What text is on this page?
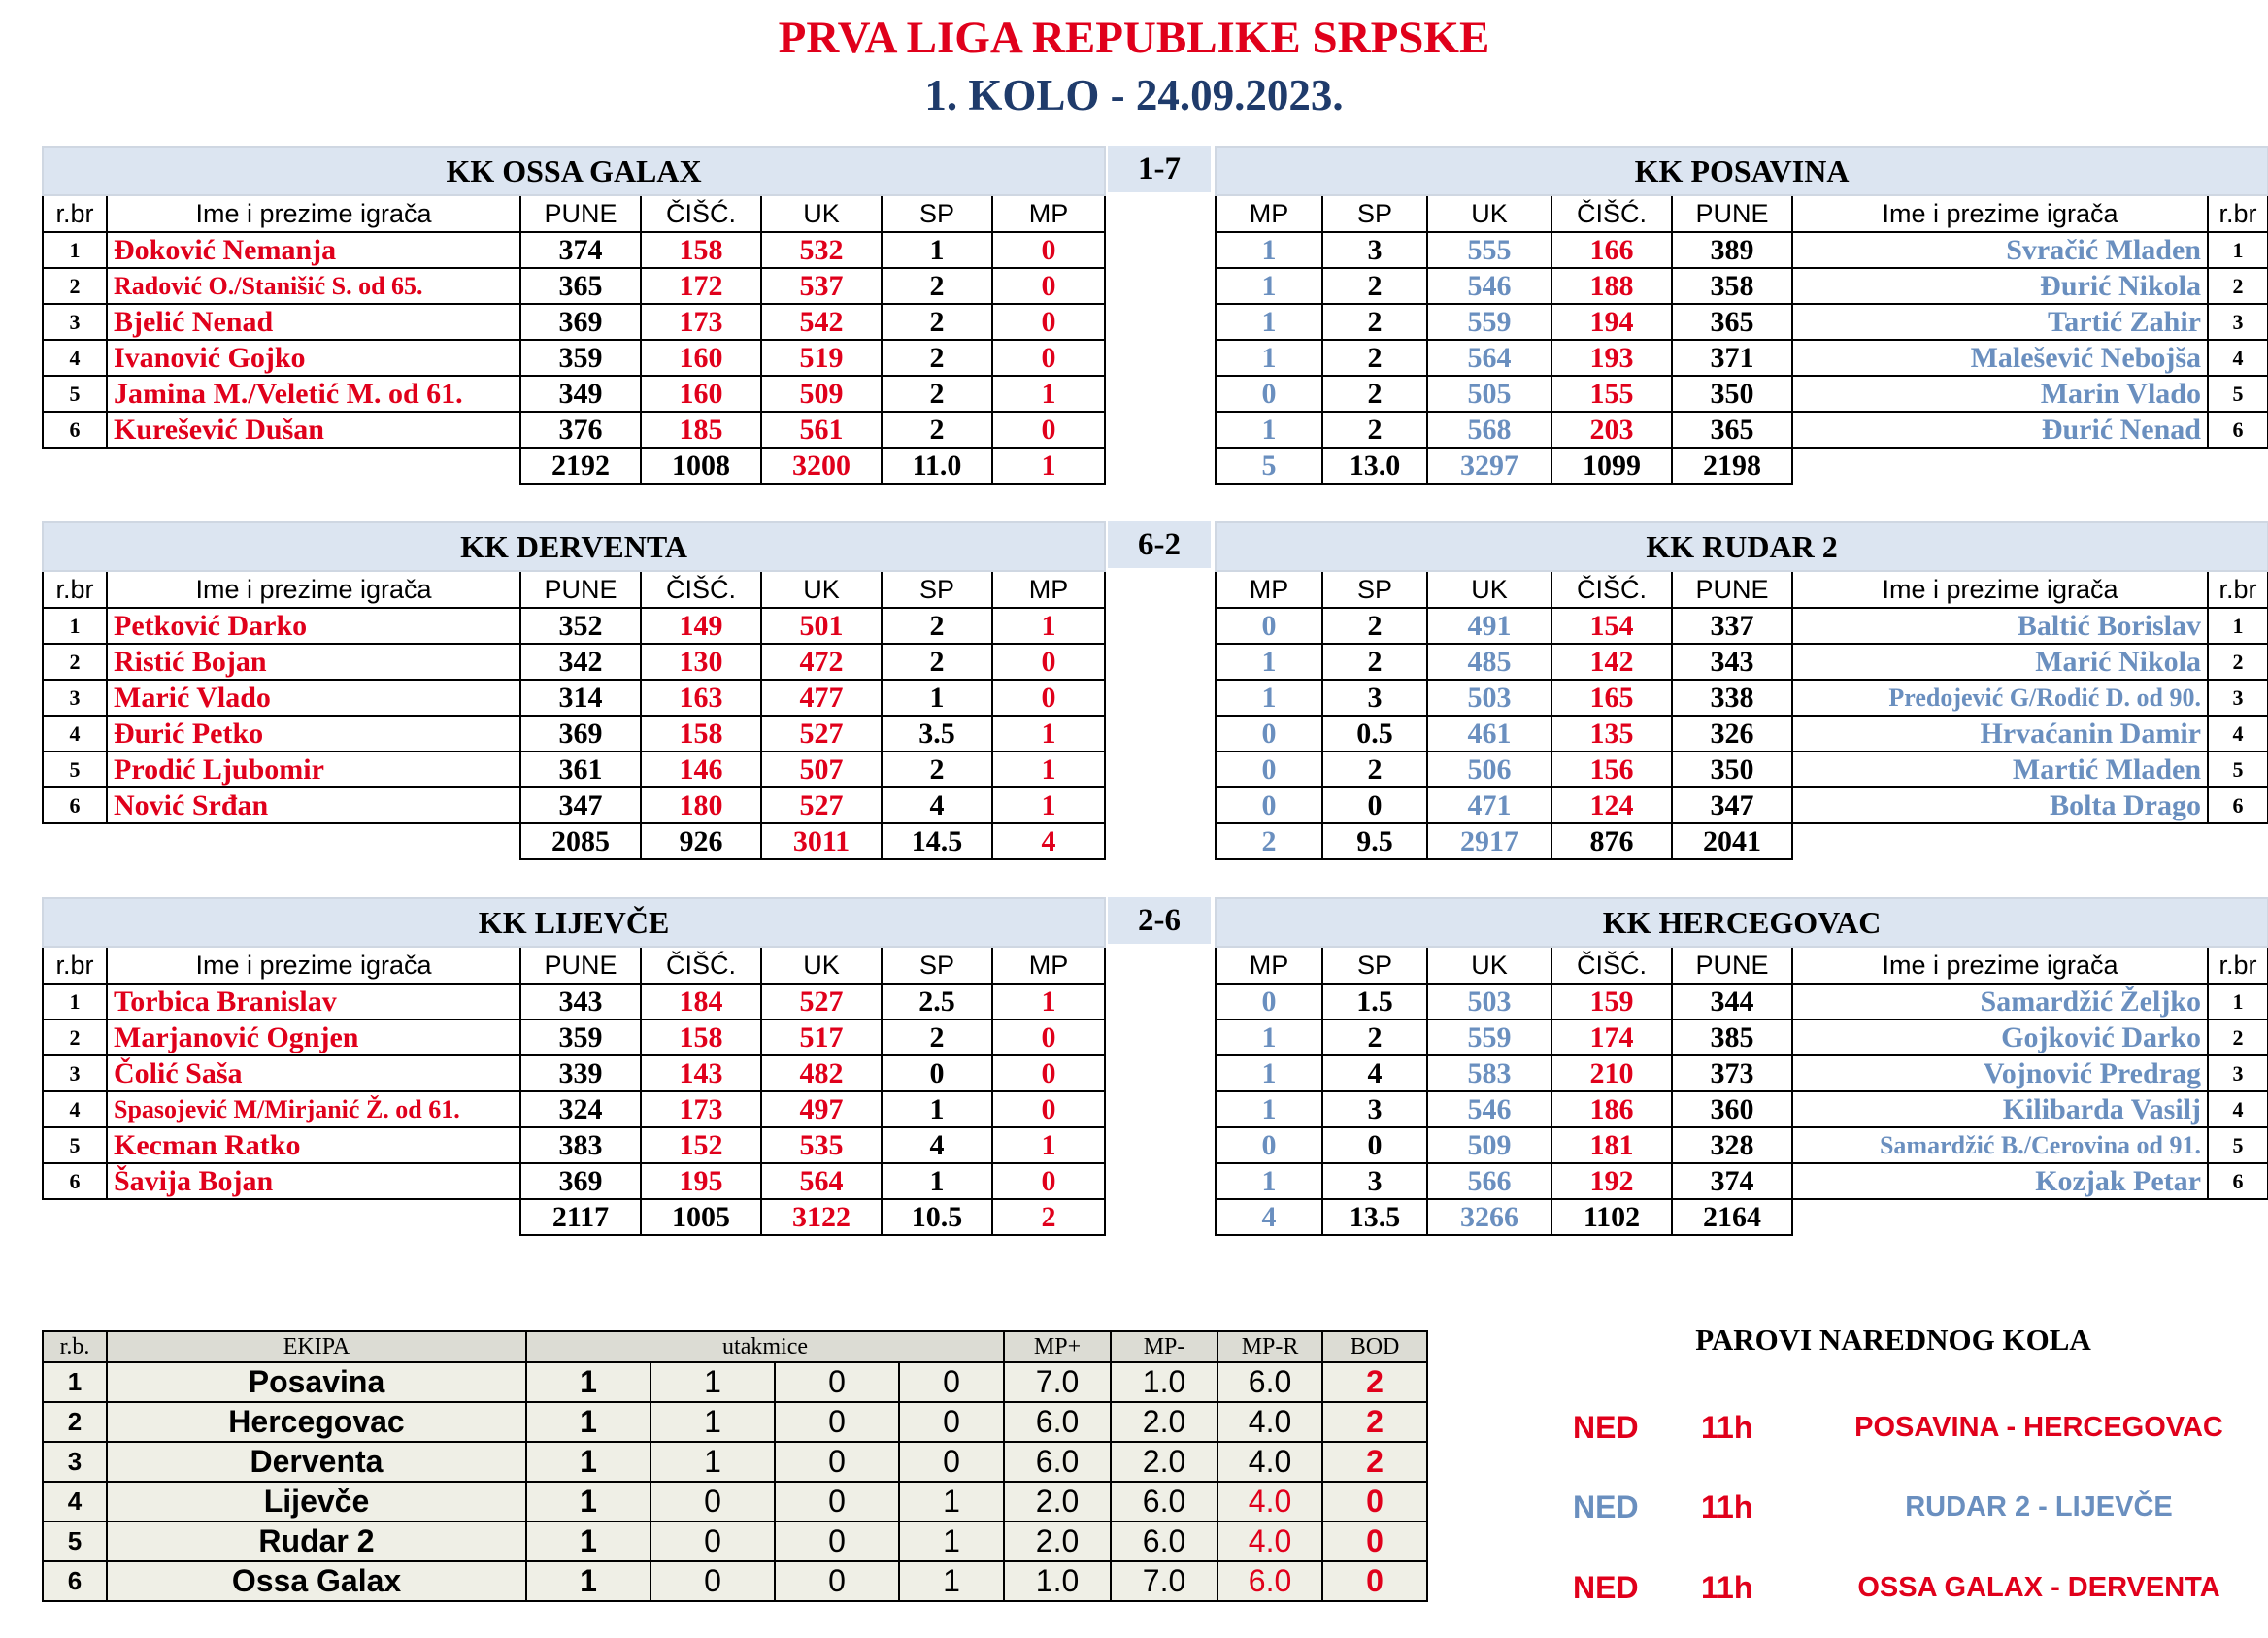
PRVA LIGA REPUBLIKE SRPSKE
1. KOLO - 24.09.2023.
KK OSSA GALAX						
r.br	Ime i prezime igrača	PUNE	ČIŠĆ.	UK	SP	MP
1	Đoković Nemanja	374	158	532	1	0
2	Radović O./Stanišić S. od 65.	365	172	537	2	0
3	Bjelić Nenad	369	173	542	2	0
4	Ivanović Gojko	359	160	519	2	0
5	Jamina M./Veletić M. od 61.	349	160	509	2	1
6	Kurešević Dušan	376	185	561	2	0
		2192	1008	3200	11.0	1
1-7	KK POSAVINA						
MP	SP	UK	ČIŠĆ.	PUNE	Ime i prezime igrača	r.br
1	3	555	166	389	Svračić Mladen	1
1	2	546	188	358	Đurić Nikola	2
1	2	559	194	365	Tartić Zahir	3
1	2	564	193	371	Malešević Nebojša	4
0	2	505	155	350	Marin Vlado	5
1	2	568	203	365	Đurić Nenad	6
5	13.0	3297	1099	2198		
KK DERVENTA						
r.br	Ime i prezime igrača	PUNE	ČIŠĆ.	UK	SP	MP
1	Petković Darko	352	149	501	2	1
2	Ristić Bojan	342	130	472	2	0
3	Marić Vlado	314	163	477	1	0
4	Đurić Petko	369	158	527	3.5	1
5	Prodić Ljubomir	361	146	507	2	1
6	Nović Srđan	347	180	527	4	1
		2085	926	3011	14.5	4
6-2	KK RUDAR 2						
MP	SP	UK	ČIŠĆ.	PUNE	Ime i prezime igrača	r.br
0	2	491	154	337	Baltić Borislav	1
1	2	485	142	343	Marić Nikola	2
1	3	503	165	338	Predojević G/Rodić D. od 90.	3
0	0.5	461	135	326	Hrvaćanin Damir	4
0	2	506	156	350	Martić Mladen	5
0	0	471	124	347	Bolta Drago	6
2	9.5	2917	876	2041		
KK LIJEVČE						
r.br	Ime i prezime igrača	PUNE	ČIŠĆ.	UK	SP	MP
1	Torbica Branislav	343	184	527	2.5	1
2	Marjanović Ognjen	359	158	517	2	0
3	Čolić Saša	339	143	482	0	0
4	Spasojević M/Mirjanić Ž. od 61.	324	173	497	1	0
5	Kecman Ratko	383	152	535	4	1
6	Šavija Bojan	369	195	564	1	0
		2117	1005	3122	10.5	2
2-6	KK HERCEGOVAC						
MP	SP	UK	ČIŠĆ.	PUNE	Ime i prezime igrača	r.br
0	1.5	503	159	344	Samardžić Željko	1
1	2	559	174	385	Gojković Darko	2
1	4	583	210	373	Vojnović Predrag	3
1	3	546	186	360	Kilibarda Vasilj	4
0	0	509	181	328	Samardžić B./Cerovina od 91.	5
1	3	566	192	374	Kozjak Petar	6
4	13.5	3266	1102	2164		
r.b.	EKIPA	utakmice				MP+	MP-	MP-R	BOD
1	Posavina	1	1	0	0	7.0	1.0	6.0	2
2	Hercegovac	1	1	0	0	6.0	2.0	4.0	2
3	Derventa	1	1	0	0	6.0	2.0	4.0	2
4	Lijevče	1	0	0	1	2.0	6.0	4.0	0
5	Rudar 2	1	0	0	1	2.0	6.0	4.0	0
6	Ossa Galax	1	0	0	1	1.0	7.0	6.0	0
PAROVI NAREDNOG KOLA
NED 11h	POSAVINA - HERCEGOVAC
NED 11h	RUDAR 2 - LIJEVČE
NED 11h	OSSA GALAX - DERVENTA
